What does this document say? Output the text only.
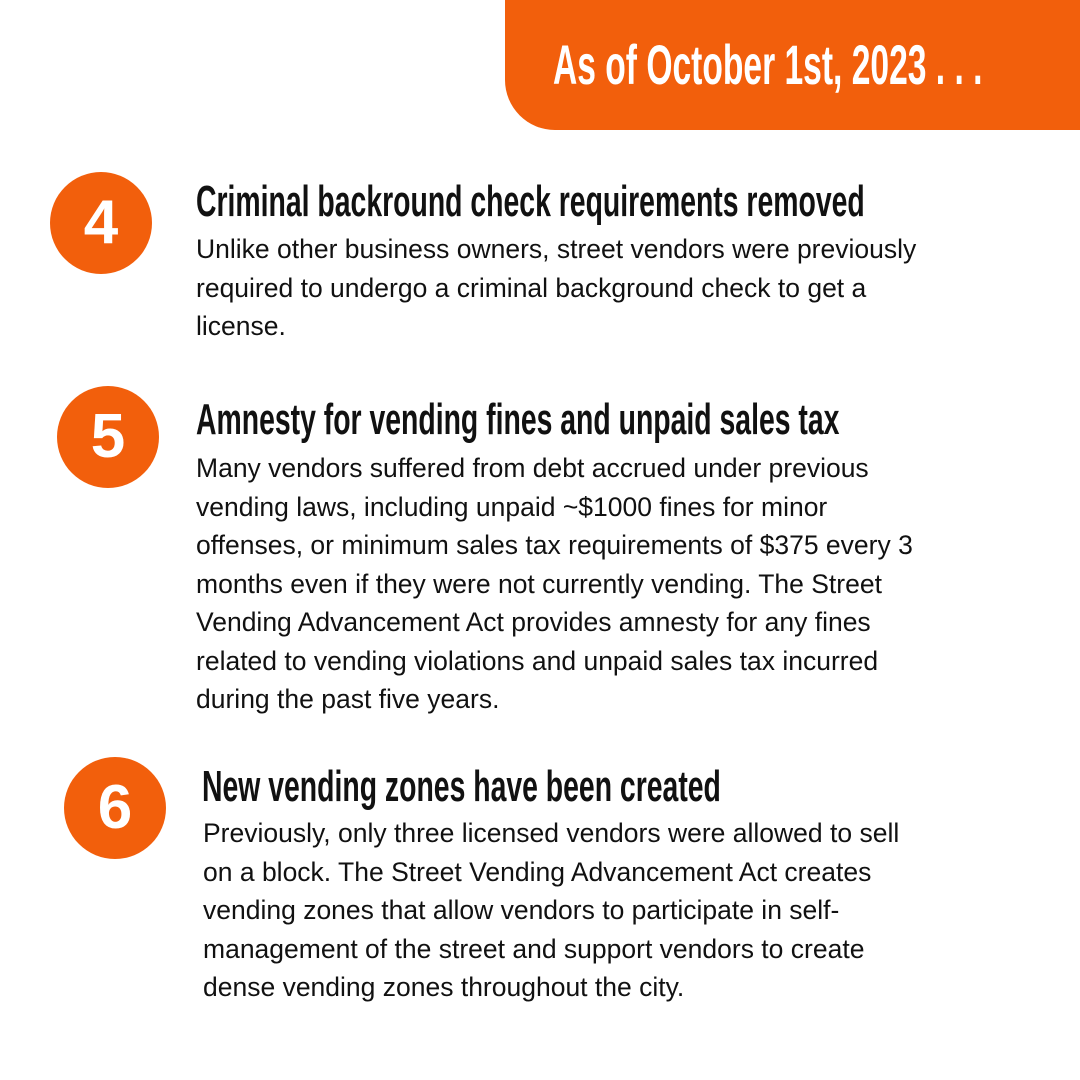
As of October 1st, 2023 . . .
4	Criminal backround check requirements removed
Unlike other business owners, street vendors were previously
required to undergo a criminal background check to get a
license.
5	Amnesty for vending fines and unpaid sales tax
Many vendors suffered from debt accrued under previous
vending laws, including unpaid ~$1000 fines for minor
offenses, or minimum sales tax requirements of $375 every 3
months even if they were not currently vending. The Street
Vending Advancement Act provides amnesty for any fines
related to vending violations and unpaid sales tax incurred
during the past five years.
6	New vending zones have been created
Previously, only three licensed vendors were allowed to sell
on a block. The Street Vending Advancement Act creates
vending zones that allow vendors to participate in self-
management of the street and support vendors to create
dense vending zones throughout the city.
